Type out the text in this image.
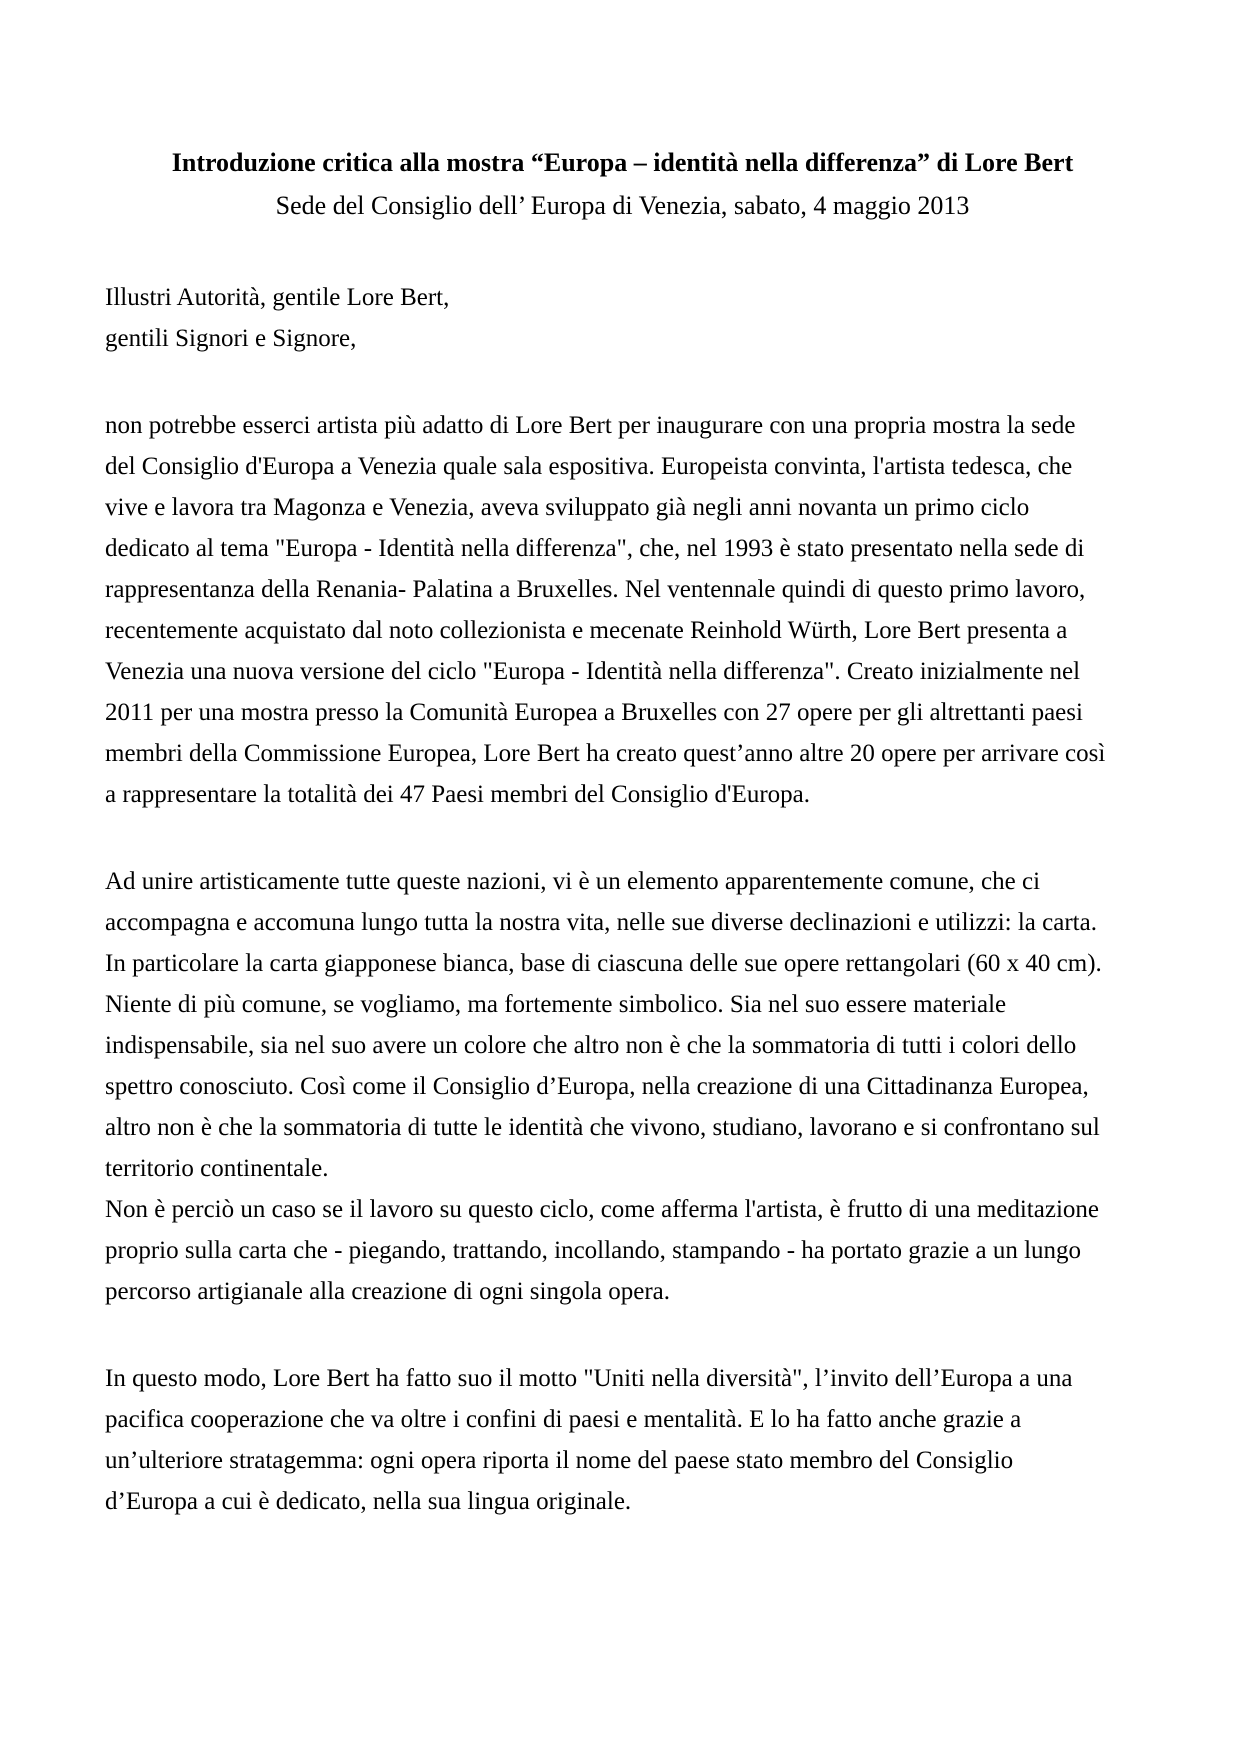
Introduzione critica alla mostra “Europa – identità nella differenza” di Lore Bert
Sede del Consiglio dell’ Europa di Venezia, sabato, 4 maggio 2013

Illustri Autorità, gentile Lore Bert,

gentili Signori e Signore,

non potrebbe esserci artista più adatto di Lore Bert per inaugurare con una propria mostra la sede

del Consiglio d'Europa a Venezia quale sala espositiva. Europeista convinta, l'artista tedesca, che

vive e lavora tra Magonza e Venezia, aveva sviluppato già negli anni novanta un primo ciclo

dedicato al tema "Europa - Identità nella differenza", che, nel 1993 è stato presentato nella sede di

rappresentanza della Renania- Palatina a Bruxelles. Nel ventennale quindi di questo primo lavoro,

recentemente acquistato dal noto collezionista e mecenate Reinhold Würth, Lore Bert presenta a

Venezia una nuova versione del ciclo "Europa - Identità nella differenza". Creato inizialmente nel

2011 per una mostra presso la Comunità Europea a Bruxelles con 27 opere per gli altrettanti paesi

membri della Commissione Europea, Lore Bert ha creato quest’anno altre 20 opere per arrivare così

a rappresentare la totalità dei 47 Paesi membri del Consiglio d'Europa.

Ad unire artisticamente tutte queste nazioni, vi è un elemento apparentemente comune, che ci

accompagna e accomuna lungo tutta la nostra vita, nelle sue diverse declinazioni e utilizzi: la carta.

In particolare la carta giapponese bianca, base di ciascuna delle sue opere rettangolari (60 x 40 cm).

Niente di più comune, se vogliamo, ma fortemente simbolico. Sia nel suo essere materiale

indispensabile, sia nel suo avere un colore che altro non è che la sommatoria di tutti i colori dello

spettro conosciuto. Così come il Consiglio d’Europa, nella creazione di una Cittadinanza Europea,

altro non è che la sommatoria di tutte le identità che vivono, studiano, lavorano e si confrontano sul

territorio continentale.

Non è perciò un caso se il lavoro su questo ciclo, come afferma l'artista, è frutto di una meditazione

proprio sulla carta che - piegando, trattando, incollando, stampando - ha portato grazie a un lungo

percorso artigianale alla creazione di ogni singola opera.

In questo modo, Lore Bert ha fatto suo il motto "Uniti nella diversità", l’invito dell’Europa a una

pacifica cooperazione che va oltre i confini di paesi e mentalità. E lo ha fatto anche grazie a

un’ulteriore stratagemma: ogni opera riporta il nome del paese stato membro del Consiglio

d’Europa a cui è dedicato, nella sua lingua originale.
